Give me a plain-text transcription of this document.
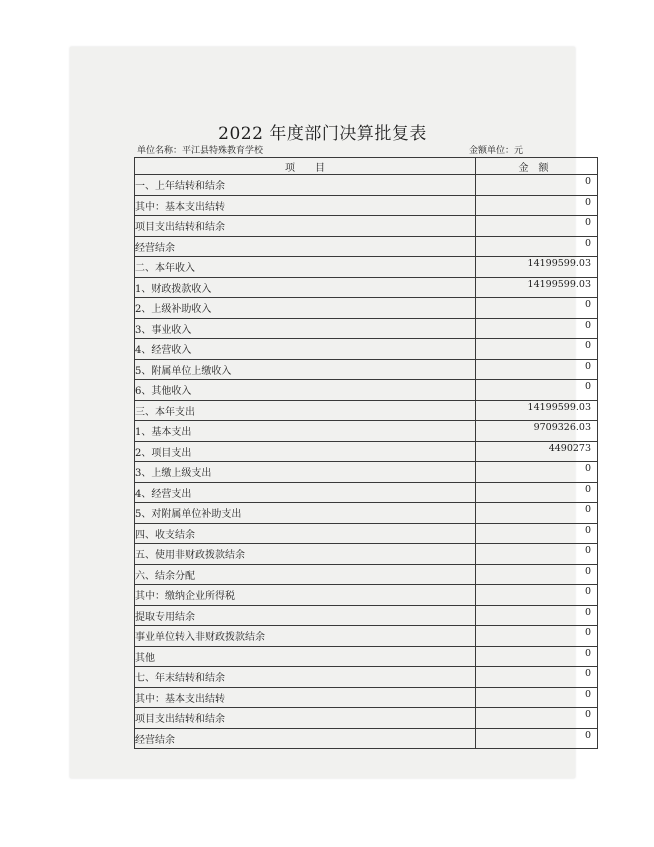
2022 年度部门决算批复表
单位名称：平江县特殊教育学校	金额单位：元
项　　目	金　额
一、上年结转和结余	0
其中：基本支出结转	0
项目支出结转和结余	0
经营结余	0
二、本年收入	14199599.03
1、财政拨款收入	14199599.03
2、上级补助收入	0
3、事业收入	0
4、经营收入	0
5、附属单位上缴收入	0
6、其他收入	0
三、本年支出	14199599.03
1、基本支出	9709326.03
2、项目支出	4490273
3、上缴上级支出	0
4、经营支出	0
5、对附属单位补助支出	0
四、收支结余	0
五、使用非财政拨款结余	0
六、结余分配	0
其中：缴纳企业所得税	0
提取专用结余	0
事业单位转入非财政拨款结余	0
其他	0
七、年末结转和结余	0
其中：基本支出结转	0
项目支出结转和结余	0
经营结余	0
